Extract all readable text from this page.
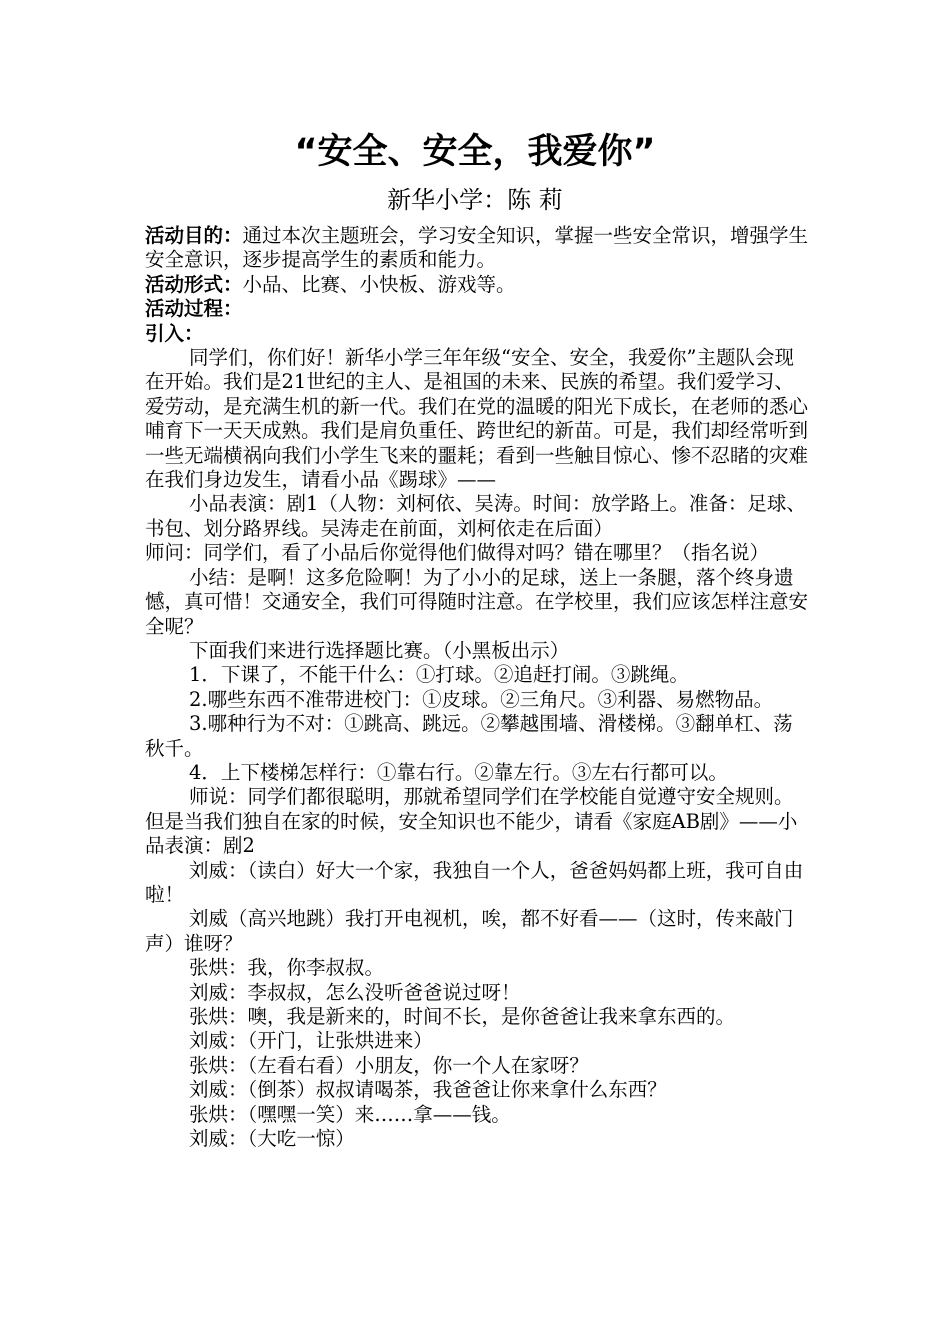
“安全、安全，我爱你”
新华小学：陈 莉

活动目的：通过本次主题班会，学习安全知识，掌握一些安全常识，增强学生安全意识，逐步提高学生的素质和能力。

活动形式：小品、比赛、小快板、游戏等。

活动过程：

引入：

同学们，你们好！新华小学三年年级“安全、安全，我爱你”主题队会现在开始。我们是21世纪的主人、是祖国的未来、民族的希望。我们爱学习、爱劳动，是充满生机的新一代。我们在党的温暖的阳光下成长，在老师的悉心哺育下一天天成熟。我们是肩负重任、跨世纪的新苗。可是，我们却经常听到一些无端横祸向我们小学生飞来的噩耗；看到一些触目惊心、惨不忍睹的灾难在我们身边发生，请看小品《踢球》——

小品表演：剧1（人物：刘柯依、吴涛。时间：放学路上。准备：足球、书包、划分路界线。吴涛走在前面，刘柯依走在后面）

师问：同学们，看了小品后你觉得他们做得对吗？错在哪里？（指名说）

小结：是啊！这多危险啊！为了小小的足球，送上一条腿，落个终身遗憾，真可惜！交通安全，我们可得随时注意。在学校里，我们应该怎样注意安全呢？

下面我们来进行选择题比赛。（小黑板出示）

1．下课了，不能干什么：①打球。②追赶打闹。③跳绳。

2.哪些东西不准带进校门：①皮球。②三角尺。③利器、易燃物品。

3.哪种行为不对：①跳高、跳远。②攀越围墙、滑楼梯。③翻单杠、荡秋千。

4．上下楼梯怎样行：①靠右行。②靠左行。③左右行都可以。

师说：同学们都很聪明，那就希望同学们在学校能自觉遵守安全规则。但是当我们独自在家的时候，安全知识也不能少，请看《家庭AB剧》——小品表演：剧2

刘威：（读白）好大一个家，我独自一个人，爸爸妈妈都上班，我可自由啦！

刘威（高兴地跳）我打开电视机，唉，都不好看——（这时，传来敲门声）谁呀？

张烘：我，你李叔叔。

刘威：李叔叔，怎么没听爸爸说过呀！

张烘：噢，我是新来的，时间不长，是你爸爸让我来拿东西的。

刘威：（开门，让张烘进来）

张烘：（左看右看）小朋友，你一个人在家呀？

刘威：（倒茶）叔叔请喝茶，我爸爸让你来拿什么东西？

张烘：（嘿嘿一笑）来……拿——钱。

刘威：（大吃一惊）
